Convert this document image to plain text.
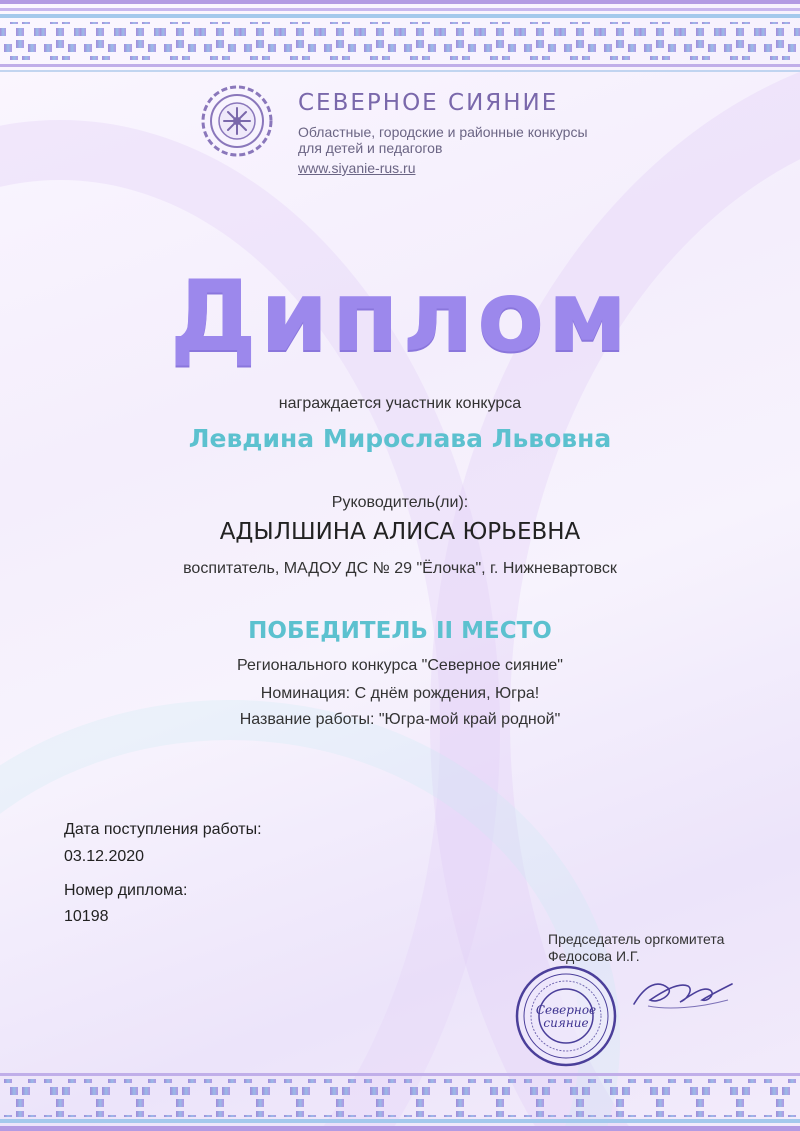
СЕВЕРНОЕ СИЯНИЕ
Областные, городские и районные конкурсы
для детей и педагогов
www.siyanie-rus.ru
Диплом
награждается участник конкурса
Левдина Мирослава Львовна
Руководитель(ли):
АДЫЛШИНА АЛИСА ЮРЬЕВНА
воспитатель, МАДОУ ДС № 29 "Ёлочка", г. Нижневартовск
ПОБЕДИТЕЛЬ II МЕСТО
Регионального конкурса "Северное сияние"
Номинация: С днём рождения, Югра!
Название работы: "Югра-мой край родной"
Дата поступления работы:
03.12.2020
Номер диплома:
10198
Председатель оргкомитета
Федосова И.Г.
Северное
сияние
